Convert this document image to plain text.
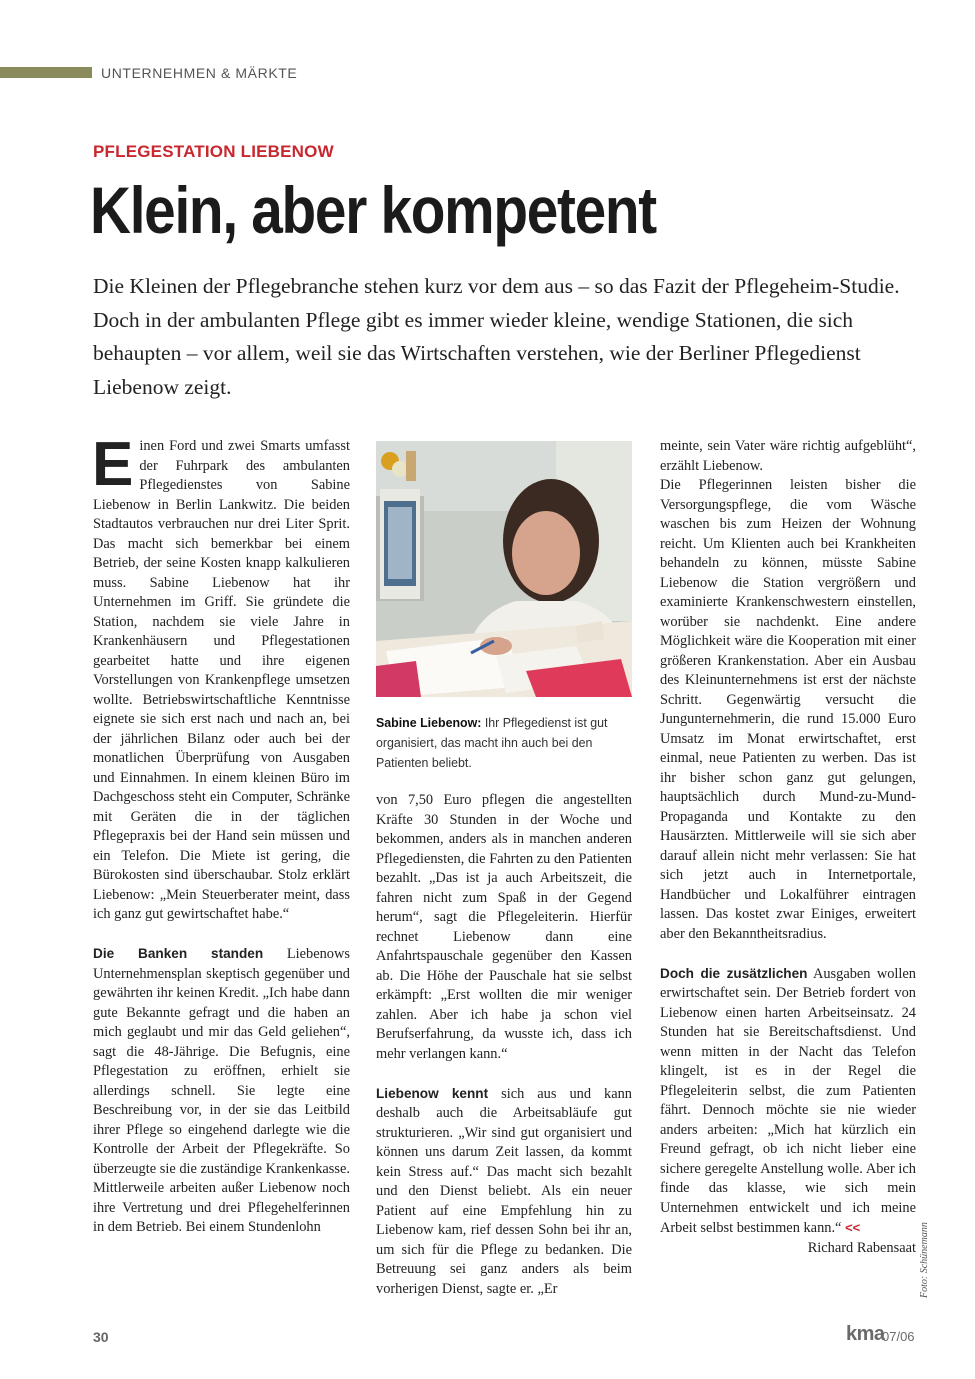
UNTERNEHMEN & MÄRKTE
PFLEGESTATION LIEBENOW
Klein, aber kompetent

Die Kleinen der Pflegebranche stehen kurz vor dem aus – so das Fazit der Pflegeheim-Studie. Doch in der ambulanten Pflege gibt es immer wieder kleine, wendige Stationen, die sich behaupten – vor allem, weil sie das Wirtschaften verstehen, wie der Berliner Pflegedienst Liebenow zeigt.

Einen Ford und zwei Smarts umfasst der Fuhrpark des ambulanten Pflegedienstes von Sabine Liebenow in Berlin Lankwitz. Die beiden Stadtautos verbrauchen nur drei Liter Sprit. Das macht sich bemerkbar bei einem Betrieb, der seine Kosten knapp kalkulieren muss. Sabine Liebenow hat ihr Unternehmen im Griff. Sie gründete die Station, nachdem sie viele Jahre in Krankenhäusern und Pflegestationen gearbeitet hatte und ihre eigenen Vorstellungen von Krankenpflege umsetzen wollte. Betriebswirtschaftliche Kenntnisse eignete sie sich erst nach und nach an, bei der jährlichen Bilanz oder auch bei der monatlichen Überprüfung von Ausgaben und Einnahmen. In einem kleinen Büro im Dachgeschoss steht ein Computer, Schränke mit Geräten die in der täglichen Pflegepraxis bei der Hand sein müssen und ein Telefon. Die Miete ist gering, die Bürokosten sind überschaubar. Stolz erklärt Liebenow: „Mein Steuerberater meint, dass ich ganz gut gewirtschaftet habe.“

Die Banken standen Liebenows Unternehmensplan skeptisch gegenüber und gewährten ihr keinen Kredit. „Ich habe dann gute Bekannte gefragt und die haben an mich geglaubt und mir das Geld geliehen“, sagt die 48-Jährige. Die Befugnis, eine Pflegestation zu eröffnen, erhielt sie allerdings schnell. Sie legte eine Beschreibung vor, in der sie das Leitbild ihrer Pflege so eingehend darlegte wie die Kontrolle der Arbeit der Pflegekräfte. So überzeugte sie die zuständige Krankenkasse. Mittlerweile arbeiten außer Liebenow noch ihre Vertretung und drei Pflegehelferinnen in dem Betrieb. Bei einem Stundenlohn

Sabine Liebenow: Ihr Pflegedienst ist gut organisiert, das macht ihn auch bei den Patienten beliebt.

von 7,50 Euro pflegen die angestellten Kräfte 30 Stunden in der Woche und bekommen, anders als in manchen anderen Pflegediensten, die Fahrten zu den Patienten bezahlt. „Das ist ja auch Arbeitszeit, die fahren nicht zum Spaß in der Gegend herum“, sagt die Pflegeleiterin. Hierfür rechnet Liebenow dann eine Anfahrtspauschale gegenüber den Kassen ab. Die Höhe der Pauschale hat sie selbst erkämpft: „Erst wollten die mir weniger zahlen. Aber ich habe ja schon viel Berufserfahrung, da wusste ich, dass ich mehr verlangen kann.“

Liebenow kennt sich aus und kann deshalb auch die Arbeitsabläufe gut strukturieren. „Wir sind gut organisiert und können uns darum Zeit lassen, da kommt kein Stress auf.“ Das macht sich bezahlt und den Dienst beliebt. Als ein neuer Patient auf eine Empfehlung hin zu Liebenow kam, rief dessen Sohn bei ihr an, um sich für die Pflege zu bedanken. Die Betreuung sei ganz anders als beim vorherigen Dienst, sagte er. „Er

meinte, sein Vater wäre richtig aufgeblüht“, erzählt Liebenow.

Die Pflegerinnen leisten bisher die Versorgungspflege, die vom Wäsche waschen bis zum Heizen der Wohnung reicht. Um Klienten auch bei Krankheiten behandeln zu können, müsste Sabine Liebenow die Station vergrößern und examinierte Krankenschwestern einstellen, worüber sie nachdenkt. Eine andere Möglichkeit wäre die Kooperation mit einer größeren Krankenstation. Aber ein Ausbau des Kleinunternehmens ist erst der nächste Schritt. Gegenwärtig versucht die Jungunternehmerin, die rund 15.000 Euro Umsatz im Monat erwirtschaftet, erst einmal, neue Patienten zu werben. Das ist ihr bisher schon ganz gut gelungen, hauptsächlich durch Mund-zu-Mund-Propaganda und Kontakte zu den Hausärzten. Mittlerweile will sie sich aber darauf allein nicht mehr verlassen: Sie hat sich jetzt auch in Internetportale, Handbücher und Lokalführer eintragen lassen. Das kostet zwar Einiges, erweitert aber den Bekanntheitsradius.

Doch die zusätzlichen Ausgaben wollen erwirtschaftet sein. Der Betrieb fordert von Liebenow einen harten Arbeitseinsatz. 24 Stunden hat sie Bereitschaftsdienst. Und wenn mitten in der Nacht das Telefon klingelt, ist es in der Regel die Pflegeleiterin selbst, die zum Patienten fährt. Dennoch möchte sie nie wieder anders arbeiten: „Mich hat kürzlich ein Freund gefragt, ob ich nicht lieber eine sichere geregelte Anstellung wolle. Aber ich finde das klasse, wie sich mein Unternehmen entwickelt und ich meine Arbeit selbst bestimmen kann.“ <<

Richard Rabensaat Foto: Schünemann
30	kma
07/06
